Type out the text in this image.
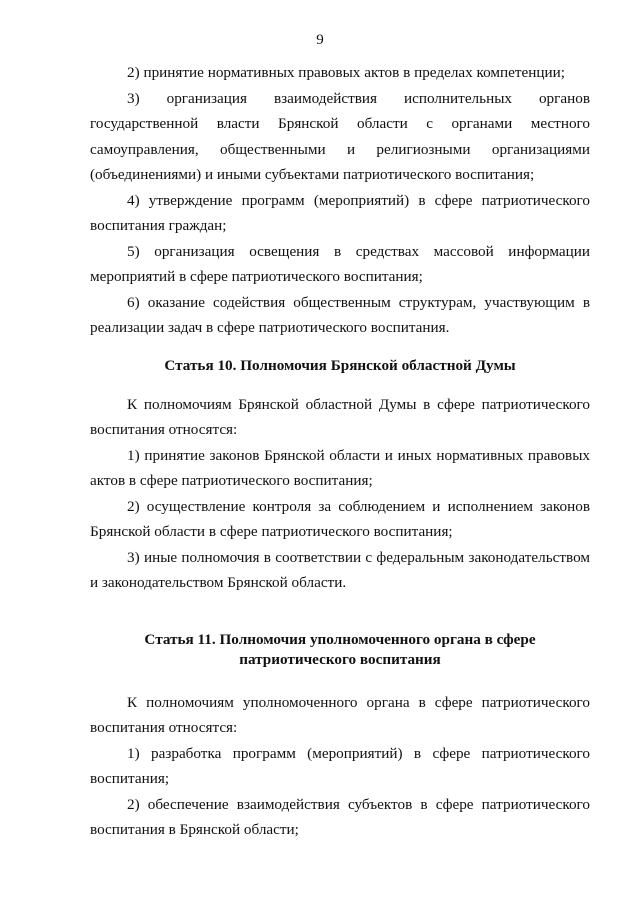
9

2) принятие нормативных правовых актов в пределах компетенции;

3) организация взаимодействия исполнительных органов государственной власти Брянской области с органами местного самоуправления, общественными и религиозными организациями (объединениями) и иными субъектами патриотического воспитания;

4) утверждение программ (мероприятий) в сфере патриотического воспитания граждан;

5) организация освещения в средствах массовой информации мероприятий в сфере патриотического воспитания;

6) оказание содействия общественным структурам, участвующим в реализации задач в сфере патриотического воспитания.

Статья 10. Полномочия Брянской областной Думы

К полномочиям Брянской областной Думы в сфере патриотического воспитания относятся:

1) принятие законов Брянской области и иных нормативных правовых актов в сфере патриотического воспитания;

2) осуществление контроля за соблюдением и исполнением законов Брянской области в сфере патриотического воспитания;

3) иные полномочия в соответствии с федеральным законодательством и законодательством Брянской области.

Статья 11. Полномочия уполномоченного органа в сфере
патриотического воспитания

К полномочиям уполномоченного органа в сфере патриотического воспитания относятся:

1) разработка программ (мероприятий) в сфере патриотического воспитания;

2) обеспечение взаимодействия субъектов в сфере патриотического воспитания в Брянской области;
